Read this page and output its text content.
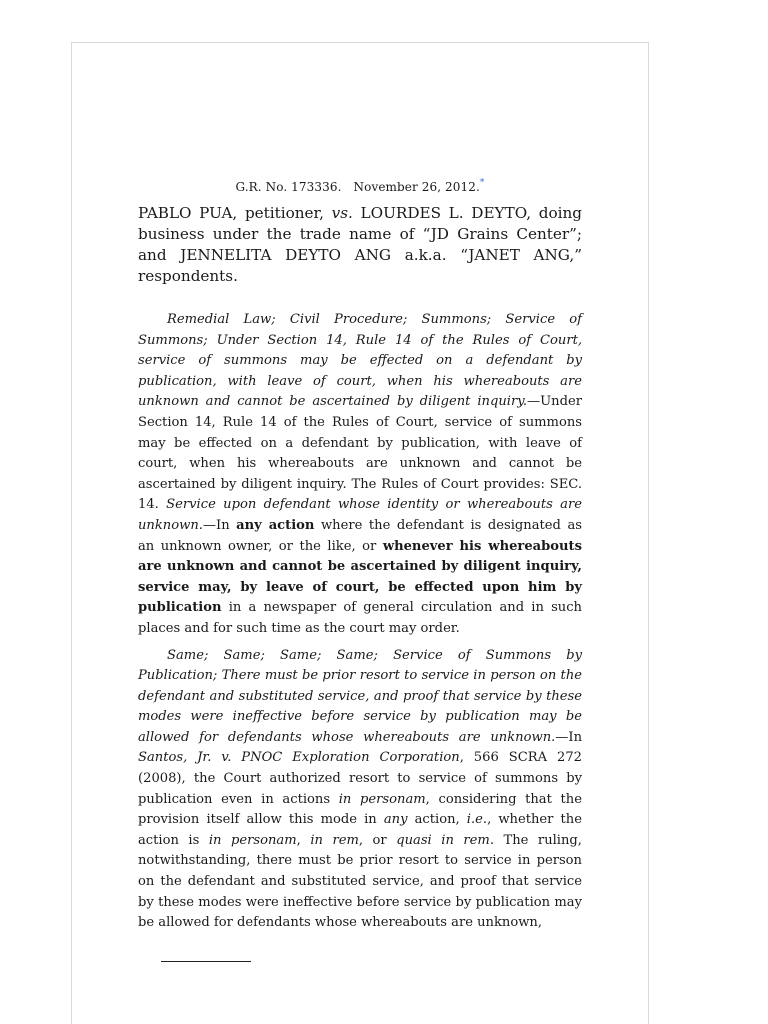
G.R. No. 173336. November 26, 2012.*
PABLO PUA, petitioner, vs. LOURDES L. DEYTO, doing business under the trade name of “JD Grains Center”; and JENNELITA DEYTO ANG a.k.a. “JANET ANG,” respondents.

Remedial Law; Civil Procedure; Summons; Service of Summons; Under Section 14, Rule 14 of the Rules of Court, service of summons may be effected on a defendant by publication, with leave of court, when his whereabouts are unknown and cannot be ascertained by diligent inquiry.—Under Section 14, Rule 14 of the Rules of Court, service of summons may be effected on a defendant by publication, with leave of court, when his whereabouts are unknown and cannot be ascertained by diligent inquiry. The Rules of Court provides: SEC. 14. Service upon defendant whose identity or whereabouts are unknown.—In any action where the defendant is designated as an unknown owner, or the like, or whenever his whereabouts are unknown and cannot be ascertained by diligent inquiry, service may, by leave of court, be effected upon him by publication in a newspaper of general circulation and in such places and for such time as the court may order.

Same; Same; Same; Same; Service of Summons by Publication; There must be prior resort to service in person on the defendant and substituted service, and proof that service by these modes were ineffective before service by publication may be allowed for defendants whose whereabouts are unknown.—In Santos, Jr. v. PNOC Exploration Corporation, 566 SCRA 272 (2008), the Court authorized resort to service of summons by publication even in actions in personam, considering that the provision itself allow this mode in any action, i.e., whether the action is in personam, in rem, or quasi in rem. The ruling, notwithstanding, there must be prior resort to service in person on the defendant and substituted service, and proof that service by these modes were ineffective before service by publication may be allowed for defendants whose whereabouts are unknown,
